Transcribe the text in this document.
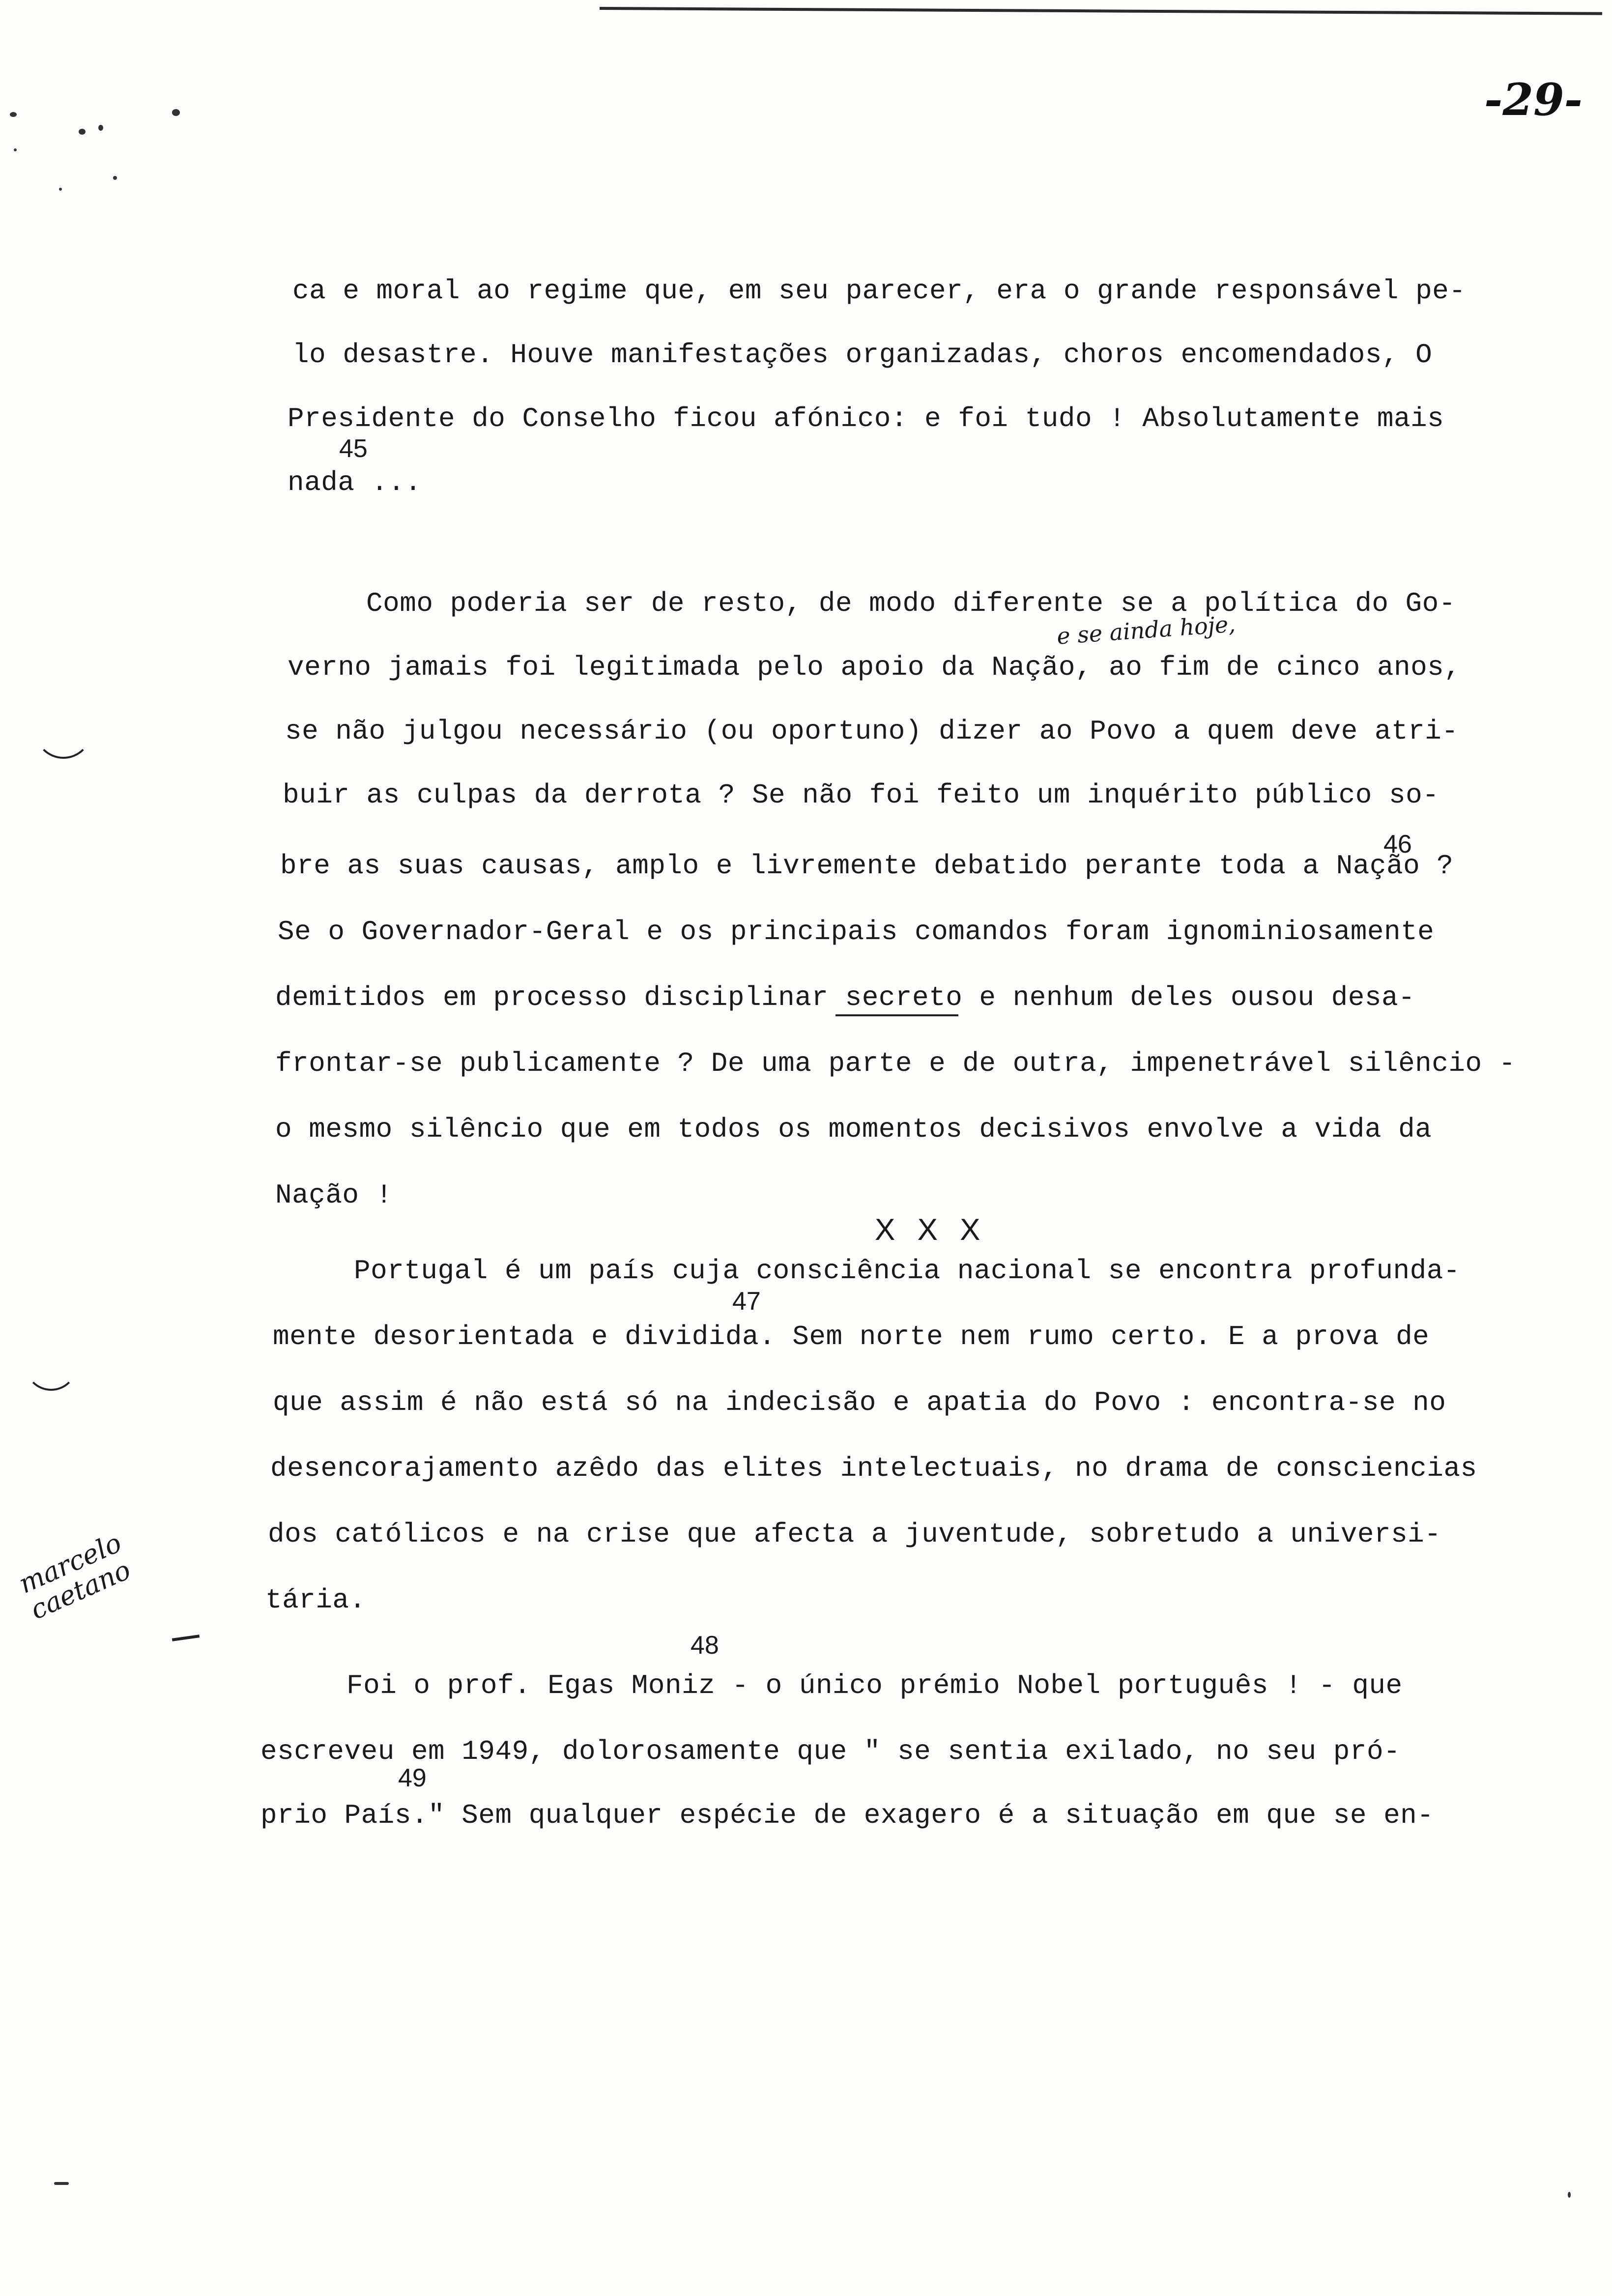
-29-
ca e moral ao regime que, em seu parecer, era o grande responsável pe-
lo desastre. Houve manifestações organizadas, choros encomendados, O
Presidente do Conselho ficou afónico: e foi tudo ! Absolutamente mais
45
nada ...
Como poderia ser de resto, de modo diferente se a política do Go-
e se ainda hoje,
verno jamais foi legitimada pelo apoio da Nação, ao fim de cinco anos,
se não julgou necessário (ou oportuno) dizer ao Povo a quem deve atri-
buir as culpas da derrota ? Se não foi feito um inquérito público so-
46
bre as suas causas, amplo e livremente debatido perante toda a Nação ?
Se o Governador-Geral e os principais comandos foram ignominiosamente
demitidos em processo disciplinar secreto e nenhum deles ousou desa-
frontar-se publicamente ? De uma parte e de outra, impenetrável silêncio -
o mesmo silêncio que em todos os momentos decisivos envolve a vida da
Nação !
X X X
Portugal é um país cuja consciência nacional se encontra profunda-
47
mente desorientada e dividida. Sem norte nem rumo certo. E a prova de
que assim é não está só na indecisão e apatia do Povo : encontra-se no
desencorajamento azêdo das elites intelectuais, no drama de consciencias
dos católicos e na crise que afecta a juventude, sobretudo a universi-
tária.
48
Foi o prof. Egas Moniz - o único prémio Nobel português ! - que
escreveu em 1949, dolorosamente que " se sentia exilado, no seu pró-
49
prio País." Sem qualquer espécie de exagero é a situação em que se en-
marcelo
caetano
